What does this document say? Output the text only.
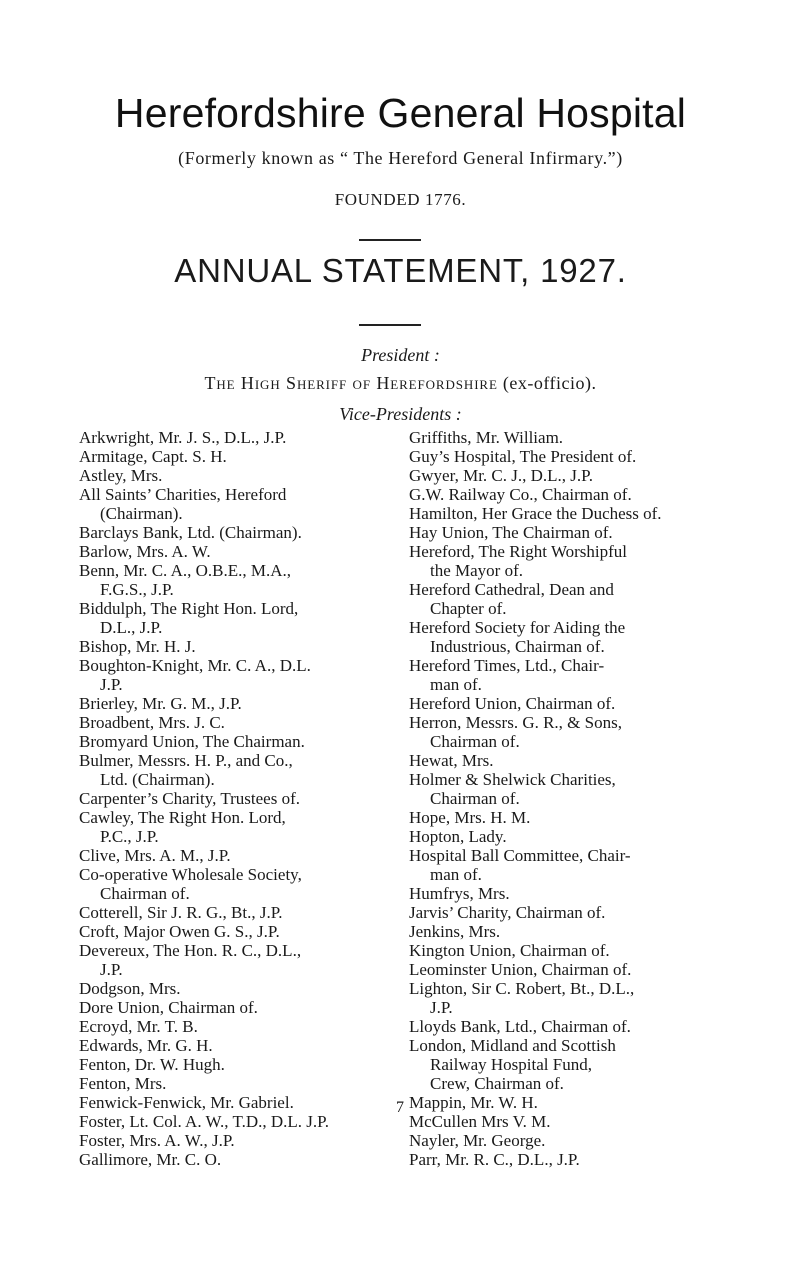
Herefordshire General Hospital
(Formerly known as “ The Hereford General Infirmary.”)
FOUNDED 1776.
ANNUAL STATEMENT, 1927.
President :
The High Sheriff of Herefordshire (ex-officio).
Vice-Presidents :
Arkwright, Mr. J. S., D.L., J.P.
Armitage, Capt. S. H.
Astley, Mrs.
All Saints’ Charities, Hereford
(Chairman).
Barclays Bank, Ltd. (Chairman).
Barlow, Mrs. A. W.
Benn, Mr. C. A., O.B.E., M.A.,
F.G.S., J.P.
Biddulph, The Right Hon. Lord,
D.L., J.P.
Bishop, Mr. H. J.
Boughton-Knight, Mr. C. A., D.L.
J.P.
Brierley, Mr. G. M., J.P.
Broadbent, Mrs. J. C.
Bromyard Union, The Chairman.
Bulmer, Messrs. H. P., and Co.,
Ltd. (Chairman).
Carpenter’s Charity, Trustees of.
Cawley, The Right Hon. Lord,
P.C., J.P.
Clive, Mrs. A. M., J.P.
Co-operative Wholesale Society,
Chairman of.
Cotterell, Sir J. R. G., Bt., J.P.
Croft, Major Owen G. S., J.P.
Devereux, The Hon. R. C., D.L.,
J.P.
Dodgson, Mrs.
Dore Union, Chairman of.
Ecroyd, Mr. T. B.
Edwards, Mr. G. H.
Fenton, Dr. W. Hugh.
Fenton, Mrs.
Fenwick-Fenwick, Mr. Gabriel.
Foster, Lt. Col. A. W., T.D., D.L. J.P.
Foster, Mrs. A. W., J.P.
Gallimore, Mr. C. O.
Griffiths, Mr. William.
Guy’s Hospital, The President of.
Gwyer, Mr. C. J., D.L., J.P.
G.W. Railway Co., Chairman of.
Hamilton, Her Grace the Duchess of.
Hay Union, The Chairman of.
Hereford, The Right Worshipful
the Mayor of.
Hereford Cathedral, Dean and
Chapter of.
Hereford Society for Aiding the
Industrious, Chairman of.
Hereford Times, Ltd., Chair-
man of.
Hereford Union, Chairman of.
Herron, Messrs. G. R., & Sons,
Chairman of.
Hewat, Mrs.
Holmer & Shelwick Charities,
Chairman of.
Hope, Mrs. H. M.
Hopton, Lady.
Hospital Ball Committee, Chair-
man of.
Humfrys, Mrs.
Jarvis’ Charity, Chairman of.
Jenkins, Mrs.
Kington Union, Chairman of.
Leominster Union, Chairman of.
Lighton, Sir C. Robert, Bt., D.L.,
J.P.
Lloyds Bank, Ltd., Chairman of.
London, Midland and Scottish
Railway Hospital Fund,
Crew, Chairman of.
Mappin, Mr. W. H.
McCullen Mrs V. M.
Nayler, Mr. George.
Parr, Mr. R. C., D.L., J.P.
7
